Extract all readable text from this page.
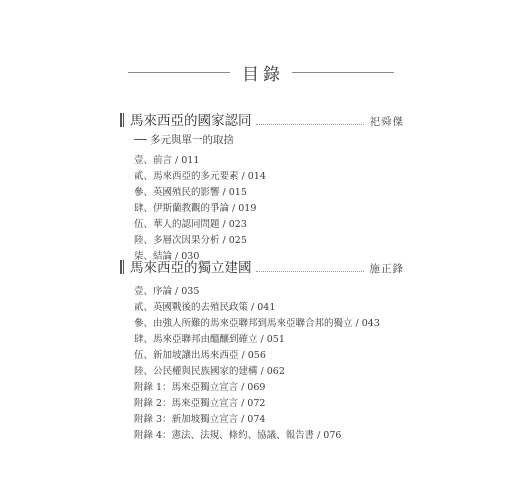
目錄
馬來西亞的國家認同	祀舜傑
── 多元與單一的取捨
壹、前言 / 011
貳、馬來西亞的多元要素 / 014
參、英國殖民的影響 / 015
肆、伊斯蘭教觀的爭論 / 019
伍、華人的認同問題 / 023
陸、多層次因果分析 / 025
柒、結論 / 030
馬來西亞的獨立建國	施正鋒
壹、序論 / 035
貳、英國戰後的去殖民政策 / 041
參、由強人所難的馬來亞聯邦到馬來亞聯合邦的獨立 / 043
肆、馬來亞聯邦由醞釀到確立 / 051
伍、新加坡讓出馬來西亞 / 056
陸、公民權與民族國家的建構 / 062
附錄 1：馬來亞獨立宣言 / 069
附錄 2：馬來亞獨立宣言 / 072
附錄 3：新加坡獨立宣言 / 074
附錄 4：憲法、法規、條約、協議、報告書 / 076
